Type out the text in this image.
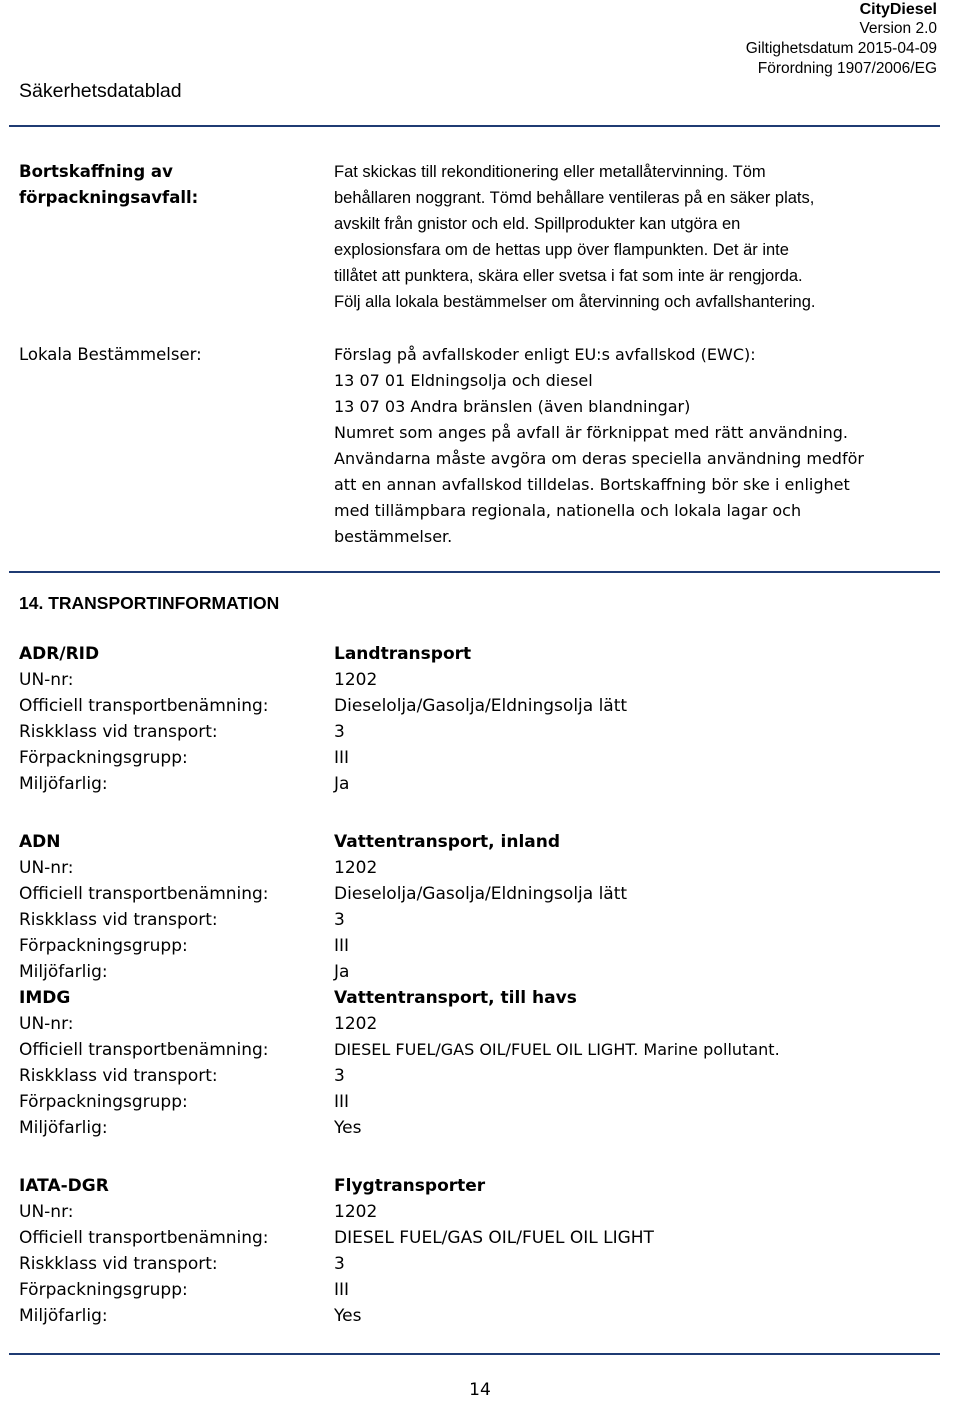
Säkerhetsdatablad
CityDiesel
Version 2.0
Giltighetsdatum 2015-04-09
Förordning 1907/2006/EG
Bortskaffning av
förpackningsavfall:

Fat skickas till rekonditionering eller metallåtervinning. Töm

behållaren noggrant. Tömd behållare ventileras på en säker plats,

avskilt från gnistor och eld. Spillprodukter kan utgöra en

explosionsfara om de hettas upp över flampunkten. Det är inte

tillåtet att punktera, skära eller svetsa i fat som inte är rengjorda.

Följ alla lokala bestämmelser om återvinning och avfallshantering.

Lokala Bestämmelser:	Förslag på avfallskoder enligt EU:s avfallskod (EWC):

13 07 01 Eldningsolja och diesel

13 07 03 Andra bränslen (även blandningar)

Numret som anges på avfall är förknippat med rätt användning.

Användarna måste avgöra om deras speciella användning medför

att en annan avfallskod tilldelas. Bortskaffning bör ske i enlighet

med tillämpbara regionala, nationella och lokala lagar och

bestämmelser.

14. TRANSPORTINFORMATION
ADR/RID	Landtransport
UN-nr:	1202
Officiell transportbenämning:	Dieselolja/Gasolja/Eldningsolja lätt
Riskklass vid transport:	3
Förpackningsgrupp:	III
Miljöfarlig:	Ja
ADN	Vattentransport, inland
UN-nr:	1202
Officiell transportbenämning:	Dieselolja/Gasolja/Eldningsolja lätt
Riskklass vid transport:	3
Förpackningsgrupp:	III
Miljöfarlig:	Ja
IMDG	Vattentransport, till havs
UN-nr:	1202
Officiell transportbenämning:	DIESEL FUEL/GAS OIL/FUEL OIL LIGHT. Marine pollutant.
Riskklass vid transport:	3
Förpackningsgrupp:	III
Miljöfarlig:	Yes
IATA-DGR	Flygtransporter
UN-nr:	1202
Officiell transportbenämning:	DIESEL FUEL/GAS OIL/FUEL OIL LIGHT
Riskklass vid transport:	3
Förpackningsgrupp:	III
Miljöfarlig:	Yes
14
